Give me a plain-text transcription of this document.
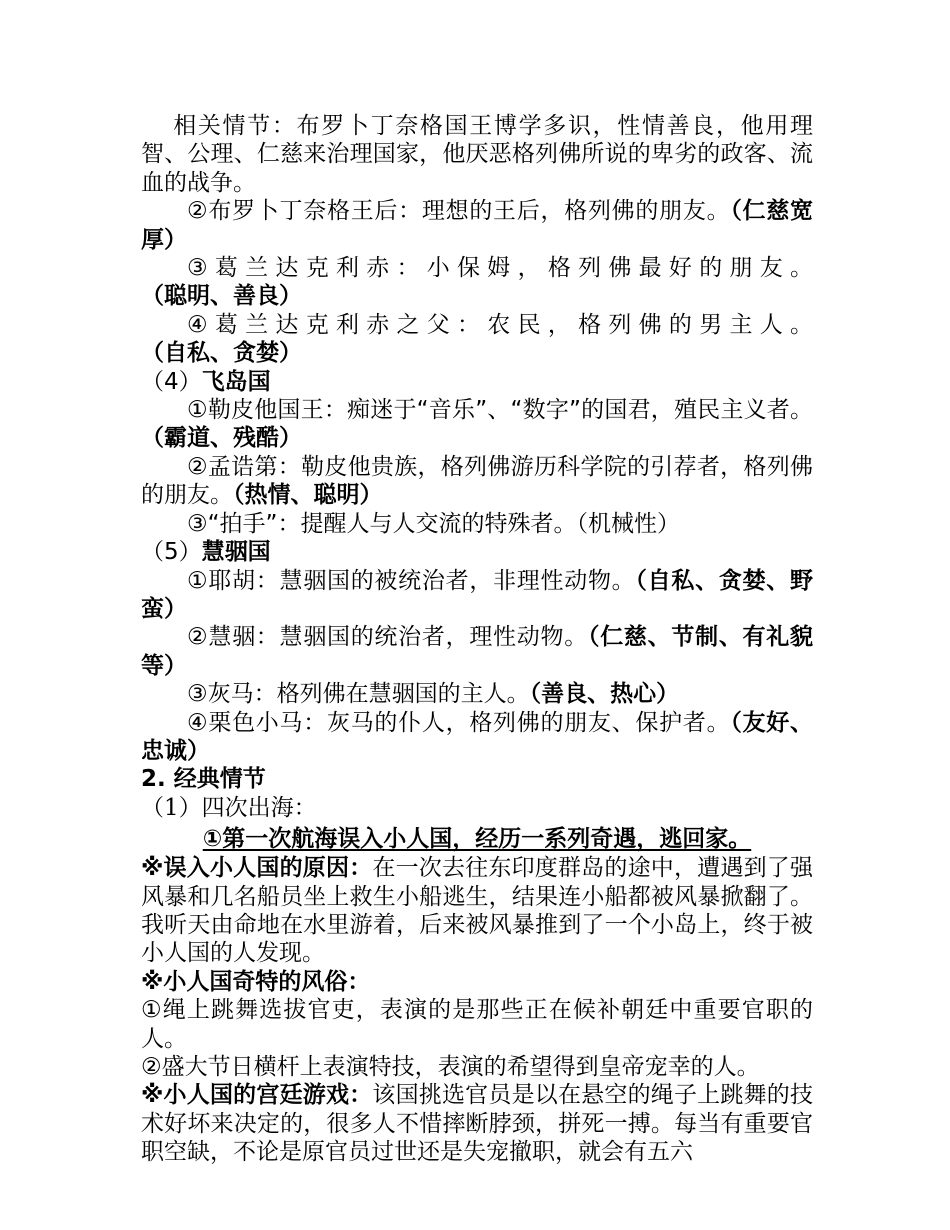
相关情节：布罗卜丁奈格国王博学多识，性情善良，他用理智、公理、仁慈来治理国家，他厌恶格列佛所说的卑劣的政客、流血的战争。

②布罗卜丁奈格王后：理想的王后，格列佛的朋友。（仁慈宽厚）

③葛兰达克利赤：小保姆，格列佛最好的朋友。（聪明、善良）

④葛兰达克利赤之父：农民，格列佛的男主人。（自私、贪婪）

（4）飞岛国

①勒皮他国王：痴迷于“音乐”、“数字”的国君，殖民主义者。（霸道、残酷）

②孟诰第：勒皮他贵族，格列佛游历科学院的引荐者，格列佛的朋友。（热情、聪明）

③“拍手”：提醒人与人交流的特殊者。（机械性）

（5）慧骃国

①耶胡：慧骃国的被统治者，非理性动物。（自私、贪婪、野蛮）

②慧骃：慧骃国的统治者，理性动物。（仁慈、节制、有礼貌等）

③灰马：格列佛在慧骃国的主人。（善良、热心）

④栗色小马：灰马的仆人，格列佛的朋友、保护者。（友好、忠诚）

2. 经典情节

（1）四次出海：

①第一次航海误入小人国，经历一系列奇遇，逃回家。

※误入小人国的原因：在一次去往东印度群岛的途中，遭遇到了强风暴和几名船员坐上救生小船逃生，结果连小船都被风暴掀翻了。我听天由命地在水里游着，后来被风暴推到了一个小岛上，终于被小人国的人发现。

※小人国奇特的风俗：

①绳上跳舞选拔官吏，表演的是那些正在候补朝廷中重要官职的人。

②盛大节日横杆上表演特技，表演的希望得到皇帝宠幸的人。

※小人国的宫廷游戏：该国挑选官员是以在悬空的绳子上跳舞的技术好坏来决定的，很多人不惜摔断脖颈，拼死一搏。每当有重要官职空缺，不论是原官员过世还是失宠撤职，就会有五六
